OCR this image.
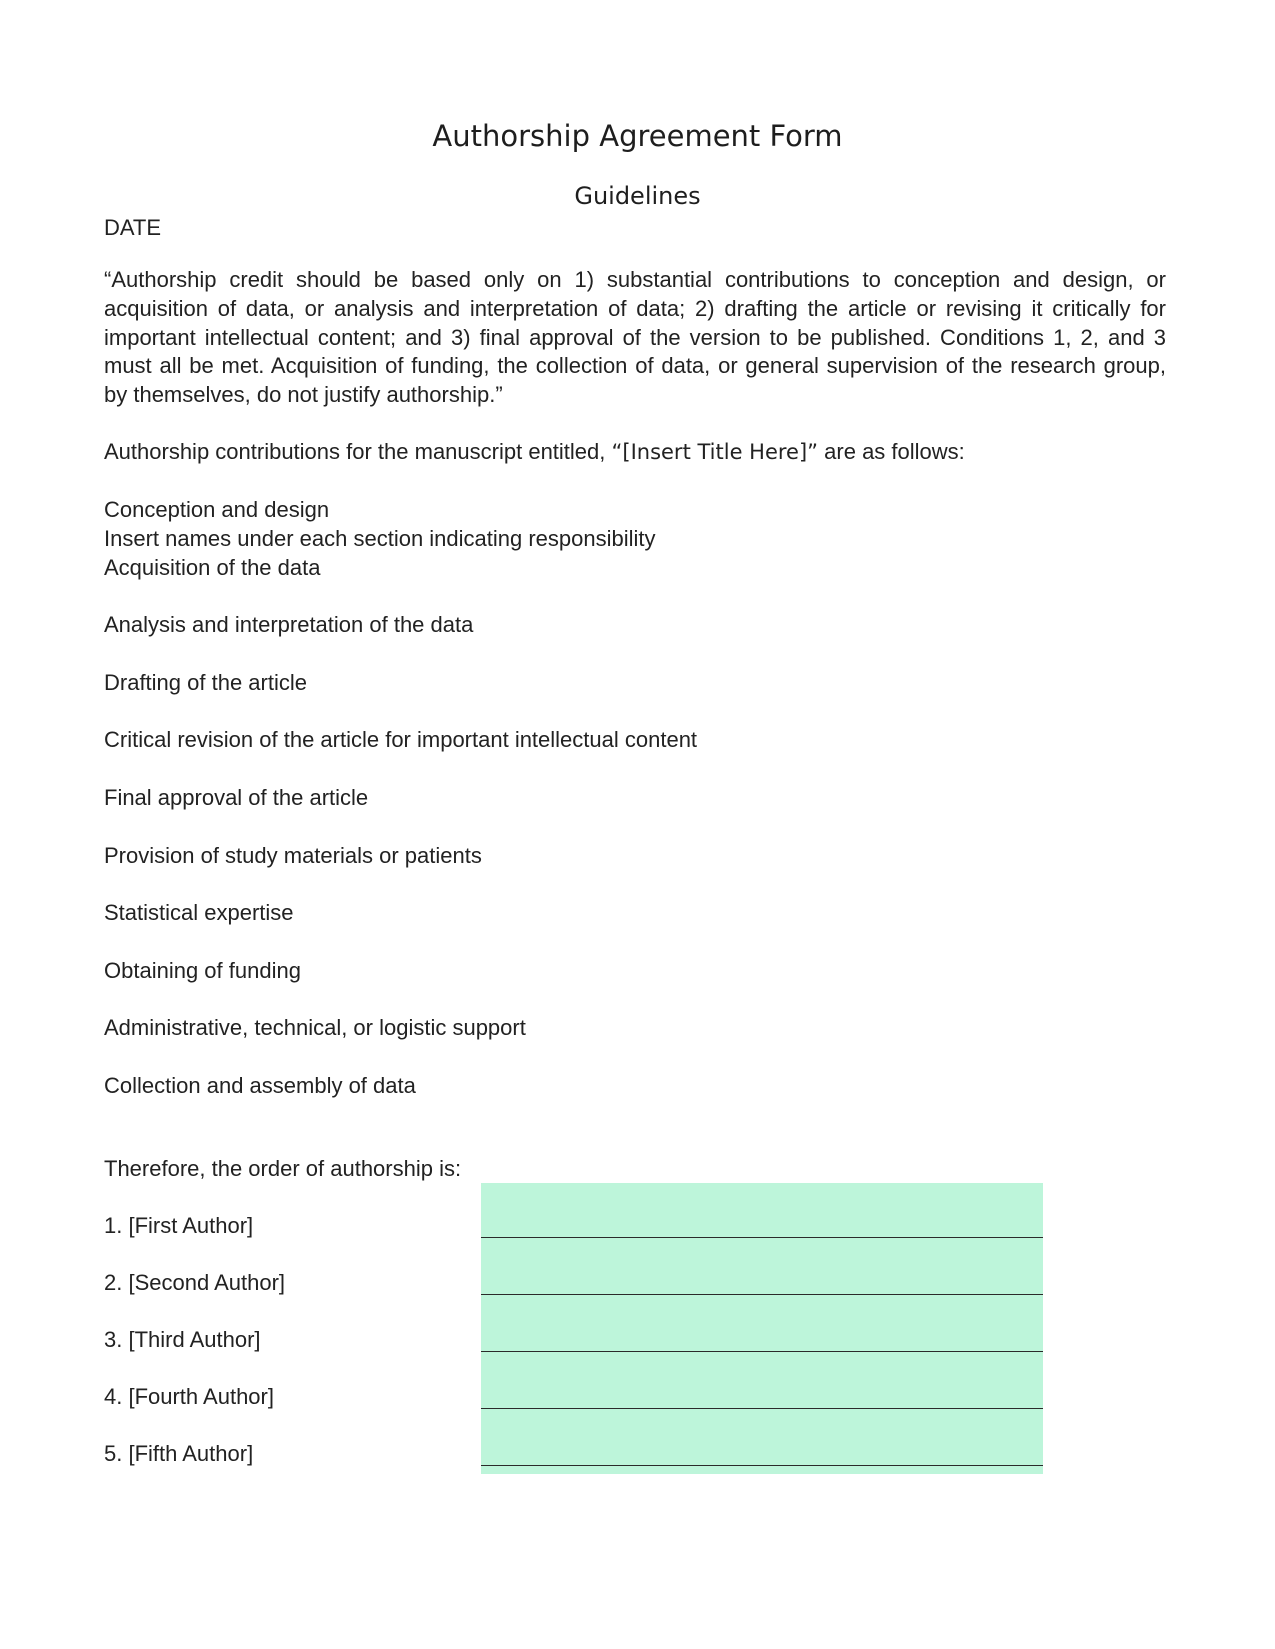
Authorship Agreement Form
Guidelines
DATE
“Authorship credit should be based only on 1) substantial contributions to conception and design, or acquisition of data, or analysis and interpretation of data; 2) drafting the article or revising it critically for important intellectual content; and 3) final approval of the version to be published. Conditions 1, 2, and 3 must all be met. Acquisition of funding, the collection of data, or general supervision of the research group, by themselves, do not justify authorship.”
Authorship contributions for the manuscript entitled, “[Insert Title Here]” are as follows:
Conception and design
Insert names under each section indicating responsibility
Acquisition of the data
Analysis and interpretation of the data
Drafting of the article
Critical revision of the article for important intellectual content
Final approval of the article
Provision of study materials or patients
Statistical expertise
Obtaining of funding
Administrative, technical, or logistic support
Collection and assembly of data
Therefore, the order of authorship is:
1. [First Author]
2. [Second Author]
3. [Third Author]
4. [Fourth Author]
5. [Fifth Author]
